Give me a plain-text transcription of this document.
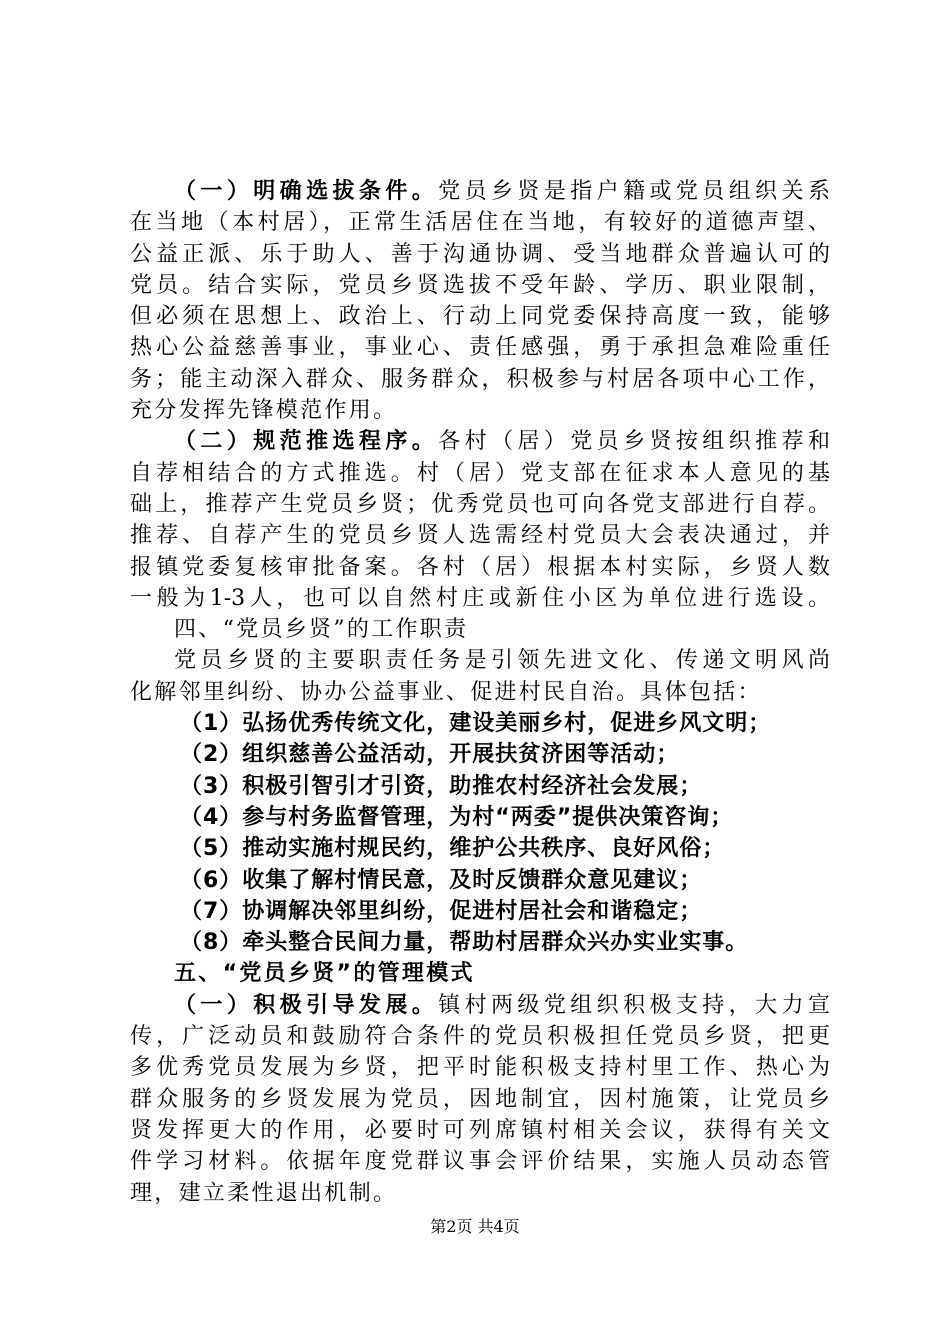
（一）明确选拔条件。党员乡贤是指户籍或党员组织关系
在当地（本村居），正常生活居住在当地，有较好的道德声望、
公益正派、乐于助人、善于沟通协调、受当地群众普遍认可的
党员。结合实际，党员乡贤选拔不受年龄、学历、职业限制，
但必须在思想上、政治上、行动上同党委保持高度一致，能够
热心公益慈善事业，事业心、责任感强，勇于承担急难险重任
务；能主动深入群众、服务群众，积极参与村居各项中心工作，
充分发挥先锋模范作用。
（二）规范推选程序。各村（居）党员乡贤按组织推荐和
自荐相结合的方式推选。村（居）党支部在征求本人意见的基
础上，推荐产生党员乡贤；优秀党员也可向各党支部进行自荐。
推荐、自荐产生的党员乡贤人选需经村党员大会表决通过，并
报镇党委复核审批备案。各村（居）根据本村实际，乡贤人数
一般为1-3人，也可以自然村庄或新住小区为单位进行选设。
四、“党员乡贤”的工作职责
党员乡贤的主要职责任务是引领先进文化、传递文明风尚
化解邻里纠纷、协办公益事业、促进村民自治。具体包括：
（1）弘扬优秀传统文化，建设美丽乡村，促进乡风文明；
（2）组织慈善公益活动，开展扶贫济困等活动；
（3）积极引智引才引资，助推农村经济社会发展；
（4）参与村务监督管理，为村“两委”提供决策咨询；
（5）推动实施村规民约，维护公共秩序、良好风俗；
（6）收集了解村情民意，及时反馈群众意见建议；
（7）协调解决邻里纠纷，促进村居社会和谐稳定；
（8）牵头整合民间力量，帮助村居群众兴办实业实事。
五、“党员乡贤”的管理模式
（一）积极引导发展。镇村两级党组织积极支持，大力宣
传，广泛动员和鼓励符合条件的党员积极担任党员乡贤，把更
多优秀党员发展为乡贤，把平时能积极支持村里工作、热心为
群众服务的乡贤发展为党员，因地制宜，因村施策，让党员乡
贤发挥更大的作用，必要时可列席镇村相关会议，获得有关文
件学习材料。依据年度党群议事会评价结果，实施人员动态管
理，建立柔性退出机制。
第2页 共4页
